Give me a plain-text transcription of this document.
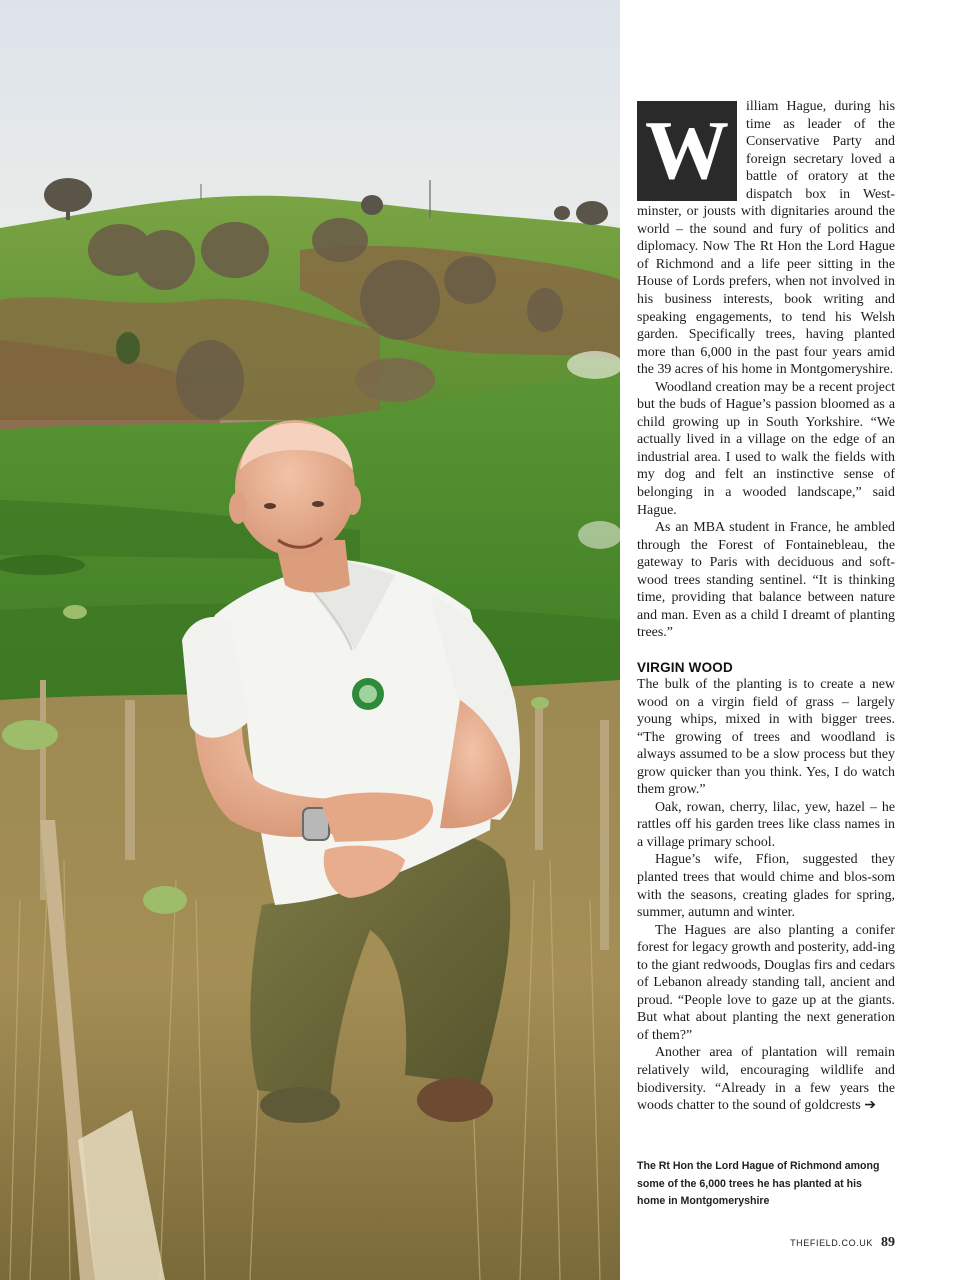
W	illiam Hague, during his time as leader of the Conservative Party and foreign secretary loved a battle of oratory at the dispatch box in West-minster, or jousts with dignitaries around the world – the sound and fury of politics and diplomacy. Now The Rt Hon the Lord Hague of Richmond and a life peer sitting in the House of Lords prefers, when not involved in his business interests, book writing and speaking engagements, to tend his Welsh garden. Specifically trees, having planted more than 6,000 in the past four years amid the 39 acres of his home in Montgomeryshire.

Woodland creation may be a recent project but the buds of Hague’s passion bloomed as a child growing up in South Yorkshire. “We actually lived in a village on the edge of an industrial area. I used to walk the fields with my dog and felt an instinctive sense of belonging in a wooded landscape,” said Hague.

As an MBA student in France, he ambled through the Forest of Fontainebleau, the gateway to Paris with deciduous and soft-wood trees standing sentinel. “It is thinking time, providing that balance between nature and man. Even as a child I dreamt of planting trees.”

VIRGIN WOOD

The bulk of the planting is to create a new wood on a virgin field of grass – largely young whips, mixed in with bigger trees. “The growing of trees and woodland is always assumed to be a slow process but they grow quicker than you think. Yes, I do watch them grow.”

Oak, rowan, cherry, lilac, yew, hazel – he rattles off his garden trees like class names in a village primary school.

Hague’s wife, Ffion, suggested they planted trees that would chime and blos-som with the seasons, creating glades for spring, summer, autumn and winter.

The Hagues are also planting a conifer forest for legacy growth and posterity, add-ing to the giant redwoods, Douglas firs and cedars of Lebanon already standing tall, ancient and proud. “People love to gaze up at the giants. But what about planting the next generation of them?”

Another area of plantation will remain relatively wild, encouraging wildlife and biodiversity. “Already in a few years the woods chatter to the sound of goldcrests ➔

The Rt Hon the Lord Hague of Richmond among some of the 6,000 trees he has planted at his home in Montgomeryshire
THEFIELD.CO.UK 89
